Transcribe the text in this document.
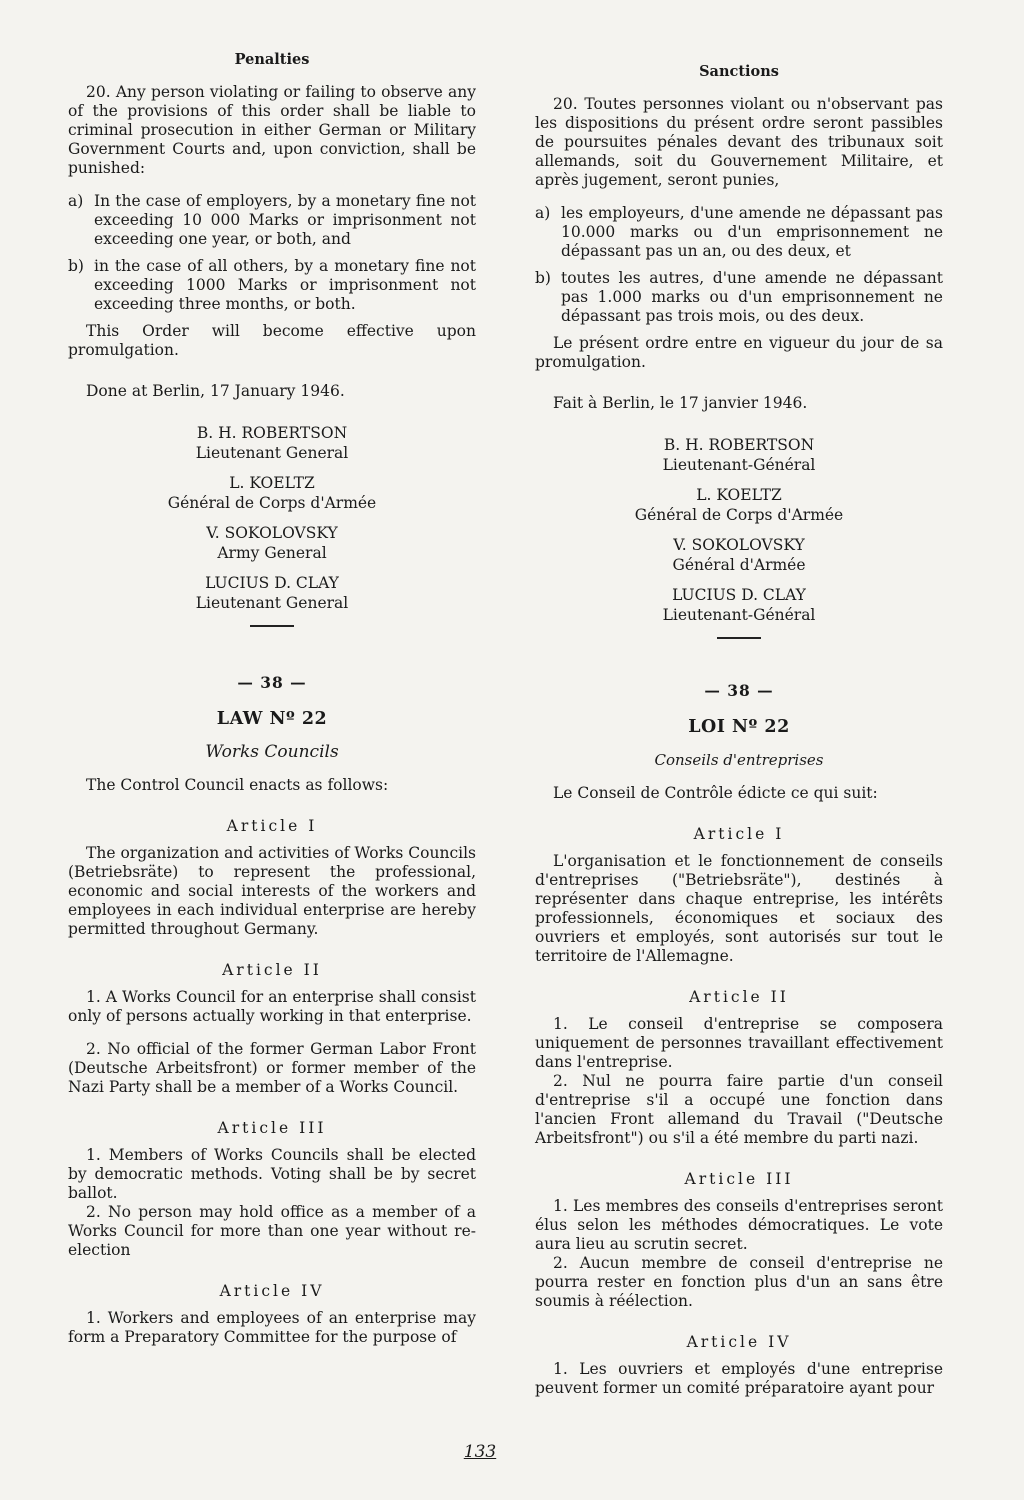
Penalties

20. Any person violating or failing to observe any of the provisions of this order shall be liable to criminal prosecution in either German or Military Government Courts and, upon conviction, shall be punished:

a) In the case of employers, by a monetary fine not exceeding 10 000 Marks or imprisonment not exceeding one year, or both, and
b) in the case of all others, by a monetary fine not exceeding 1000 Marks or imprisonment not exceeding three months, or both.

This Order will become effective upon promulgation.

Done at Berlin, 17 January 1946.

B. H. ROBERTSON
Lieutenant General
L. KOELTZ
Général de Corps d'Armée
V. SOKOLOVSKY
Army General
LUCIUS D. CLAY
Lieutenant General
— 38 —
LAW Nº 22
Works Councils

The Control Council enacts as follows:

Article I

The organization and activities of Works Councils (Betriebsräte) to represent the professional, economic and social interests of the workers and employees in each individual enterprise are hereby permitted throughout Germany.

Article II

1. A Works Council for an enterprise shall consist only of persons actually working in that enterprise.

2. No official of the former German Labor Front (Deutsche Arbeitsfront) or former member of the Nazi Party shall be a member of a Works Council.

Article III

1. Members of Works Councils shall be elected by democratic methods. Voting shall be by secret ballot.

2. No person may hold office as a member of a Works Council for more than one year without re-election

Article IV

1. Workers and employees of an enterprise may form a Preparatory Committee for the purpose of

Sanctions

20. Toutes personnes violant ou n'observant pas les dispositions du présent ordre seront passibles de poursuites pénales devant des tribunaux soit allemands, soit du Gouvernement Militaire, et après jugement, seront punies,

a) les employeurs, d'une amende ne dépassant pas 10.000 marks ou d'un emprisonnement ne dépassant pas un an, ou des deux, et
b) toutes les autres, d'une amende ne dépassant pas 1.000 marks ou d'un emprisonnement ne dépassant pas trois mois, ou des deux.

Le présent ordre entre en vigueur du jour de sa promulgation.

Fait à Berlin, le 17 janvier 1946.

B. H. ROBERTSON
Lieutenant-Général
L. KOELTZ
Général de Corps d'Armée
V. SOKOLOVSKY
Général d'Armée
LUCIUS D. CLAY
Lieutenant-Général
— 38 —
LOI Nº 22
Conseils d'entreprises

Le Conseil de Contrôle édicte ce qui suit:

Article I

L'organisation et le fonctionnement de conseils d'entreprises ("Betriebsräte"), destinés à représenter dans chaque entreprise, les intérêts professionnels, économiques et sociaux des ouvriers et employés, sont autorisés sur tout le territoire de l'Allemagne.

Article II

1. Le conseil d'entreprise se composera uniquement de personnes travaillant effectivement dans l'entreprise.

2. Nul ne pourra faire partie d'un conseil d'entreprise s'il a occupé une fonction dans l'ancien Front allemand du Travail ("Deutsche Arbeitsfront") ou s'il a été membre du parti nazi.

Article III

1. Les membres des conseils d'entreprises seront élus selon les méthodes démocratiques. Le vote aura lieu au scrutin secret.

2. Aucun membre de conseil d'entreprise ne pourra rester en fonction plus d'un an sans être soumis à réélection.

Article IV

1. Les ouvriers et employés d'une entreprise peuvent former un comité préparatoire ayant pour

133
